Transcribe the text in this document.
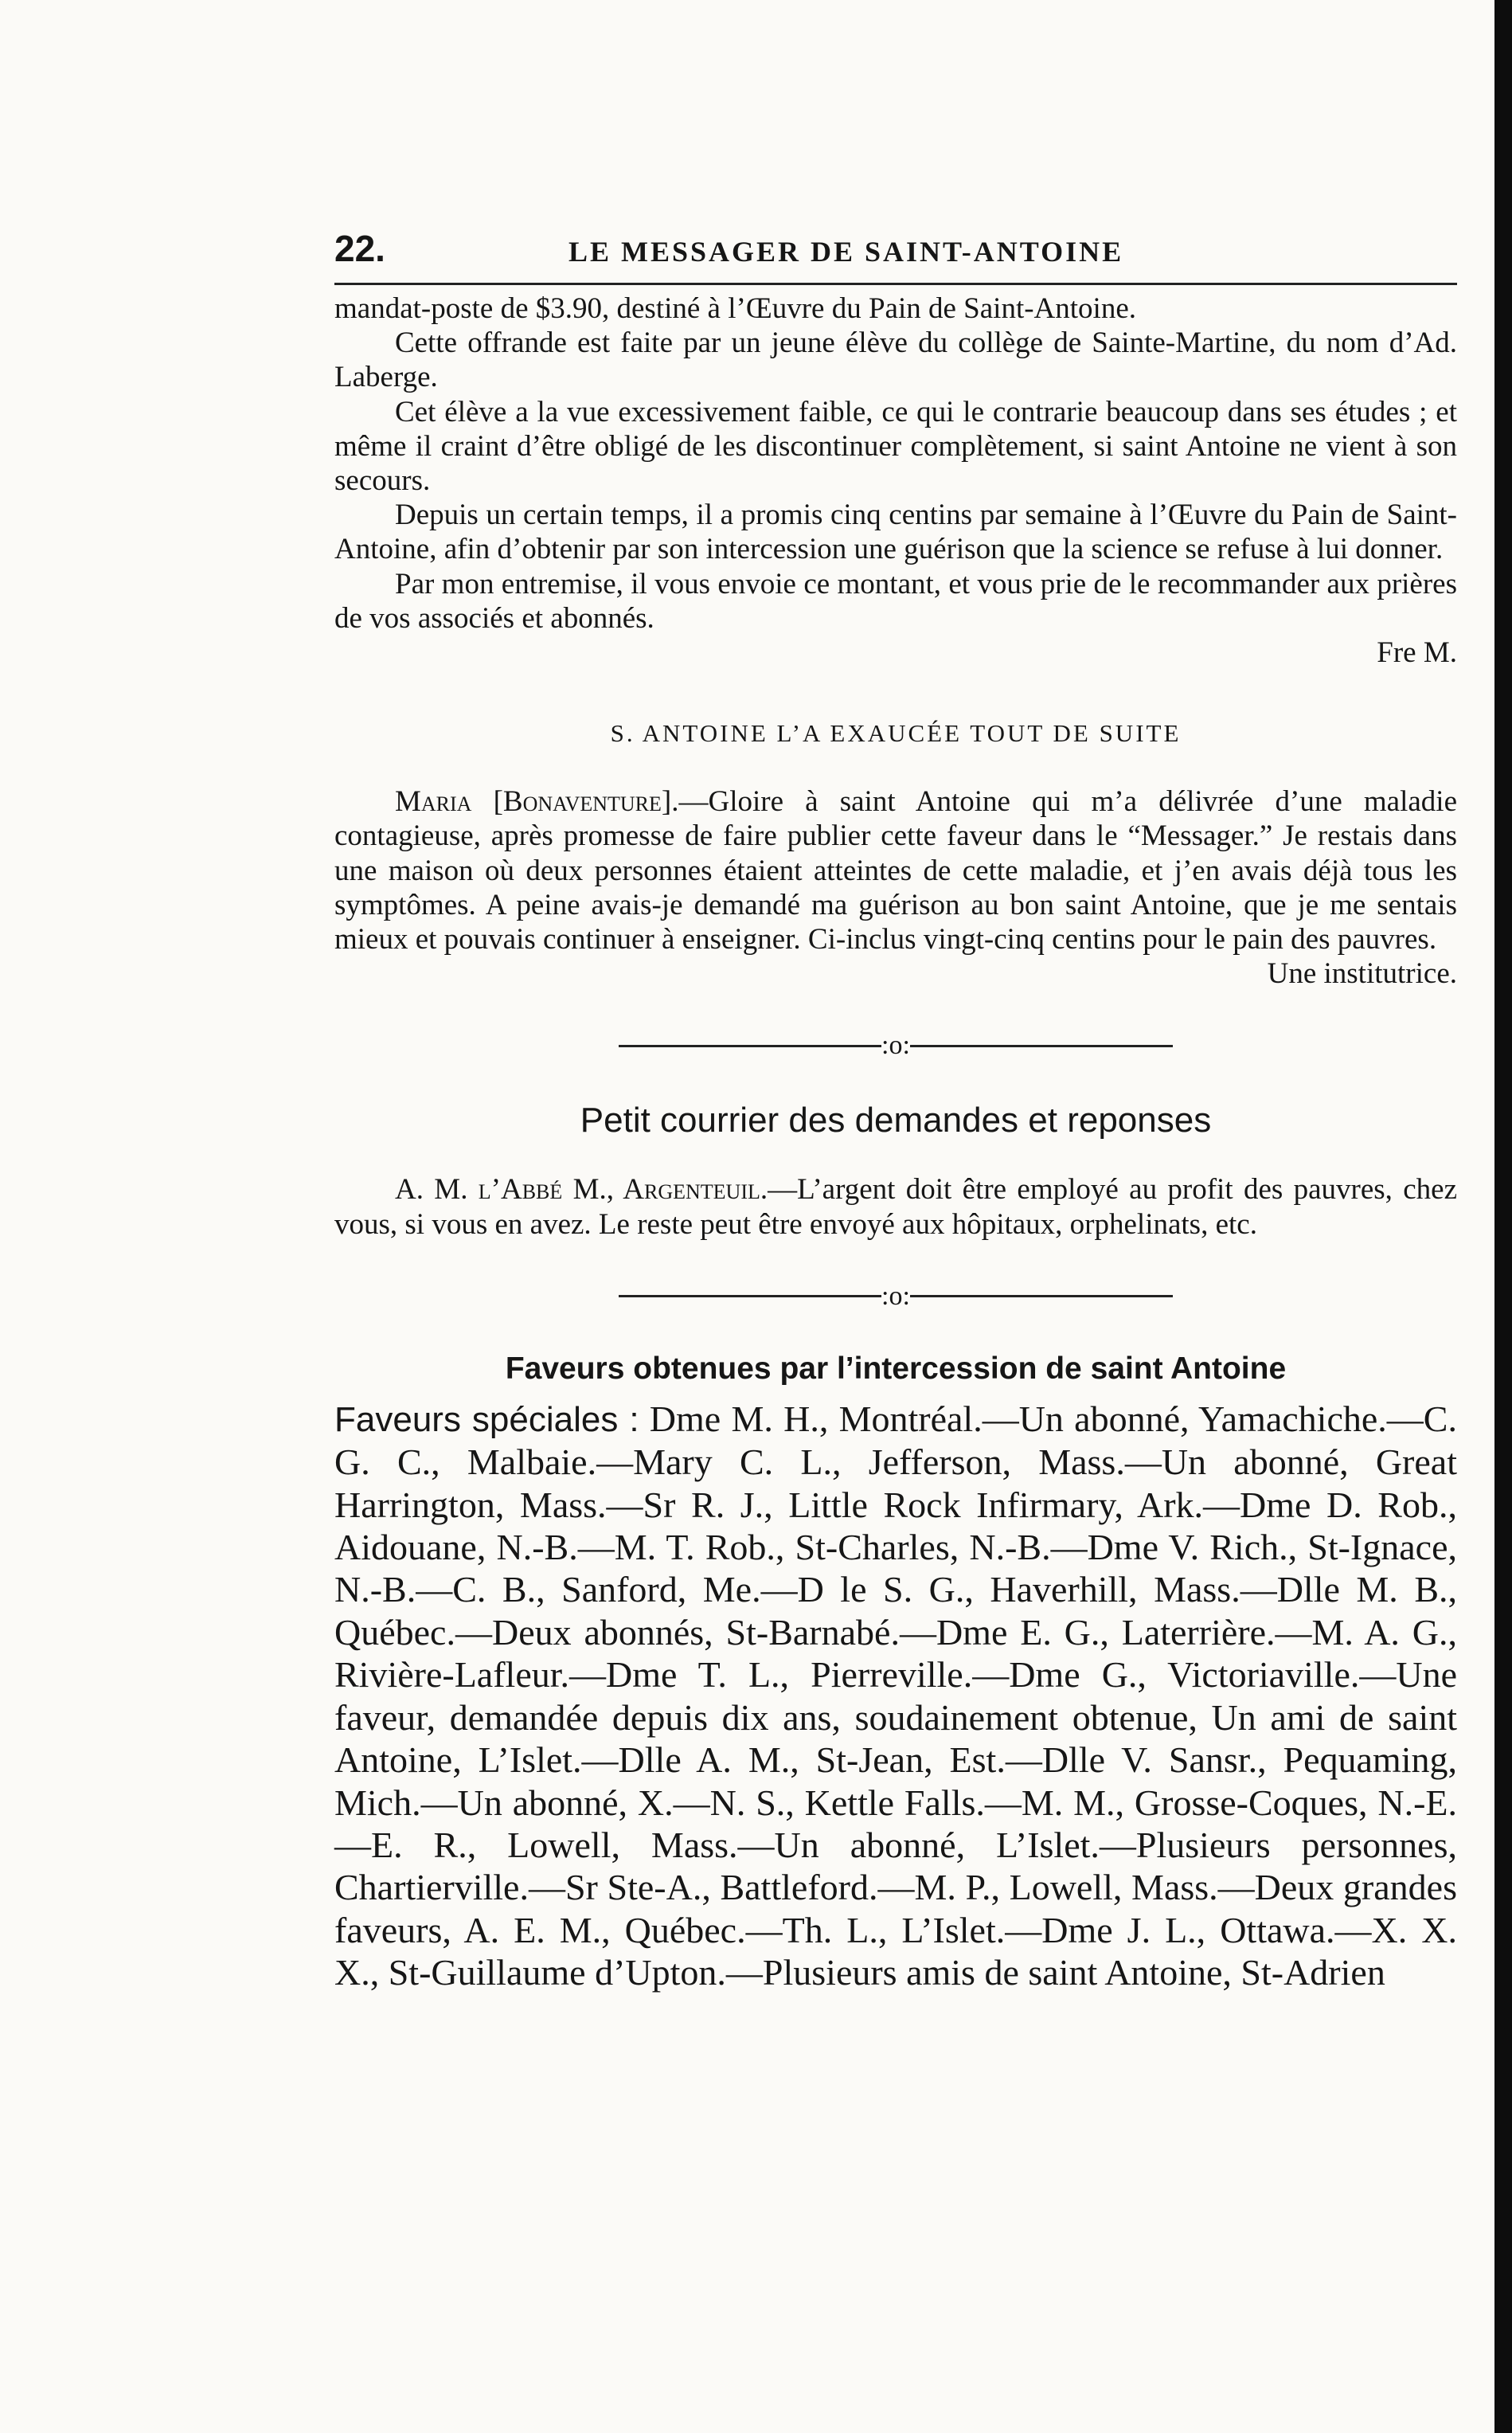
22.	LE MESSAGER DE SAINT-ANTOINE

mandat-poste de $3.90, destiné à l’Œuvre du Pain de Saint-Antoine.

Cette offrande est faite par un jeune élève du collège de Sainte-Martine, du nom d’Ad. Laberge.

Cet élève a la vue excessivement faible, ce qui le contrarie beaucoup dans ses études ; et même il craint d’être obligé de les discontinuer complètement, si saint Antoine ne vient à son secours.

Depuis un certain temps, il a promis cinq centins par semaine à l’Œuvre du Pain de Saint-Antoine, afin d’obtenir par son intercession une guérison que la science se refuse à lui donner.

Par mon entremise, il vous envoie ce montant, et vous prie de le recommander aux prières de vos associés et abonnés.

Fre M.

S. ANTOINE L’A EXAUCÉE TOUT DE SUITE

Maria [Bonaventure].—Gloire à saint Antoine qui m’a délivrée d’une maladie contagieuse, après promesse de faire publier cette faveur dans le “Messager.” Je restais dans une maison où deux personnes étaient atteintes de cette maladie, et j’en avais déjà tous les symptômes. A peine avais-je demandé ma guérison au bon saint Antoine, que je me sentais mieux et pouvais continuer à enseigner. Ci-inclus vingt-cinq centins pour le pain des pauvres.

Une institutrice.

:o:
Petit courrier des demandes et reponses

A. M. l’Abbé M., Argenteuil.—L’argent doit être employé au profit des pauvres, chez vous, si vous en avez. Le reste peut être envoyé aux hôpitaux, orphelinats, etc.

:o:
Faveurs obtenues par l’intercession de saint Antoine

Faveurs spéciales : Dme M. H., Montréal.—Un abonné, Yamachiche.—C. G. C., Malbaie.—Mary C. L., Jefferson, Mass.—Un abonné, Great Harrington, Mass.—Sr R. J., Little Rock Infirmary, Ark.—Dme D. Rob., Aidouane, N.-B.—M. T. Rob., St-Charles, N.-B.—Dme V. Rich., St-Ignace, N.-B.—C. B., Sanford, Me.—D le S. G., Haverhill, Mass.—Dlle M. B., Québec.—Deux abonnés, St-Barnabé.—Dme E. G., Laterrière.—M. A. G., Rivière-Lafleur.—Dme T. L., Pierreville.—Dme G., Victoriaville.—Une faveur, demandée depuis dix ans, soudainement obtenue, Un ami de saint Antoine, L’Islet.—Dlle A. M., St-Jean, Est.—Dlle V. Sansr., Pequaming, Mich.—Un abonné, X.—N. S., Kettle Falls.—M. M., Grosse-Coques, N.-E.—E. R., Lowell, Mass.—Un abonné, L’Islet.—Plusieurs personnes, Chartierville.—Sr Ste-A., Battleford.—M. P., Lowell, Mass.—Deux grandes faveurs, A. E. M., Québec.—Th. L., L’Islet.—Dme J. L., Ottawa.—X. X. X., St-Guillaume d’Upton.—Plusieurs amis de saint Antoine, St-Adrien
